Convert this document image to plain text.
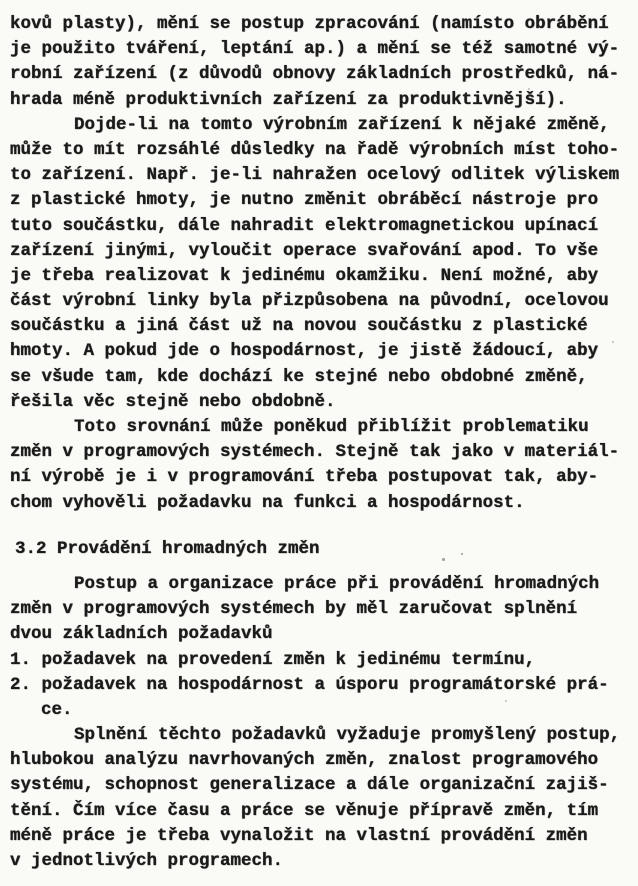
kovů plasty), mění se postup zpracování (namísto obrábění
je použito tváření, leptání ap.) a mění se též samotné vý-
robní zařízení (z důvodů obnovy základních prostředků, ná-
hrada méně produktivních zařízení za produktivnější).
Dojde-li na tomto výrobním zařízení k nějaké změně,
může to mít rozsáhlé důsledky na řadě výrobních míst toho-
to zařízení. Např. je-li nahražen ocelový odlitek výliskem
z plastické hmoty, je nutno změnit obráběcí nástroje pro
tuto součástku, dále nahradit elektromagnetickou upínací
zařízení jinými, vyloučit operace svařování apod. To vše
je třeba realizovat k jedinému okamžiku. Není možné, aby
část výrobní linky byla přizpůsobena na původní, ocelovou
součástku a jiná část už na novou součástku z plastické
hmoty. A pokud jde o hospodárnost, je jistě žádoucí, aby
se všude tam, kde dochází ke stejné nebo obdobné změně,
řešila věc stejně nebo obdobně.
Toto srovnání může poněkud přiblížit problematiku
změn v programových systémech. Stejně tak jako v materiál-
ní výrobě je i v programování třeba postupovat tak, aby-
chom vyhověli požadavku na funkci a hospodárnost.
3.2 Provádění hromadných změn
Postup a organizace práce při provádění hromadných
změn v programových systémech by měl zaručovat splnění
dvou základních požadavků
1. požadavek na provedení změn k jedinému termínu,
2. požadavek na hospodárnost a úsporu programátorské prá-
ce.
Splnění těchto požadavků vyžaduje promyšlený postup,
hlubokou analýzu navrhovaných změn, znalost programového
systému, schopnost generalizace a dále organizační zajiš-
tění. Čím více času a práce se věnuje přípravě změn, tím
méně práce je třeba vynaložit na vlastní provádění změn
v jednotlivých programech.
